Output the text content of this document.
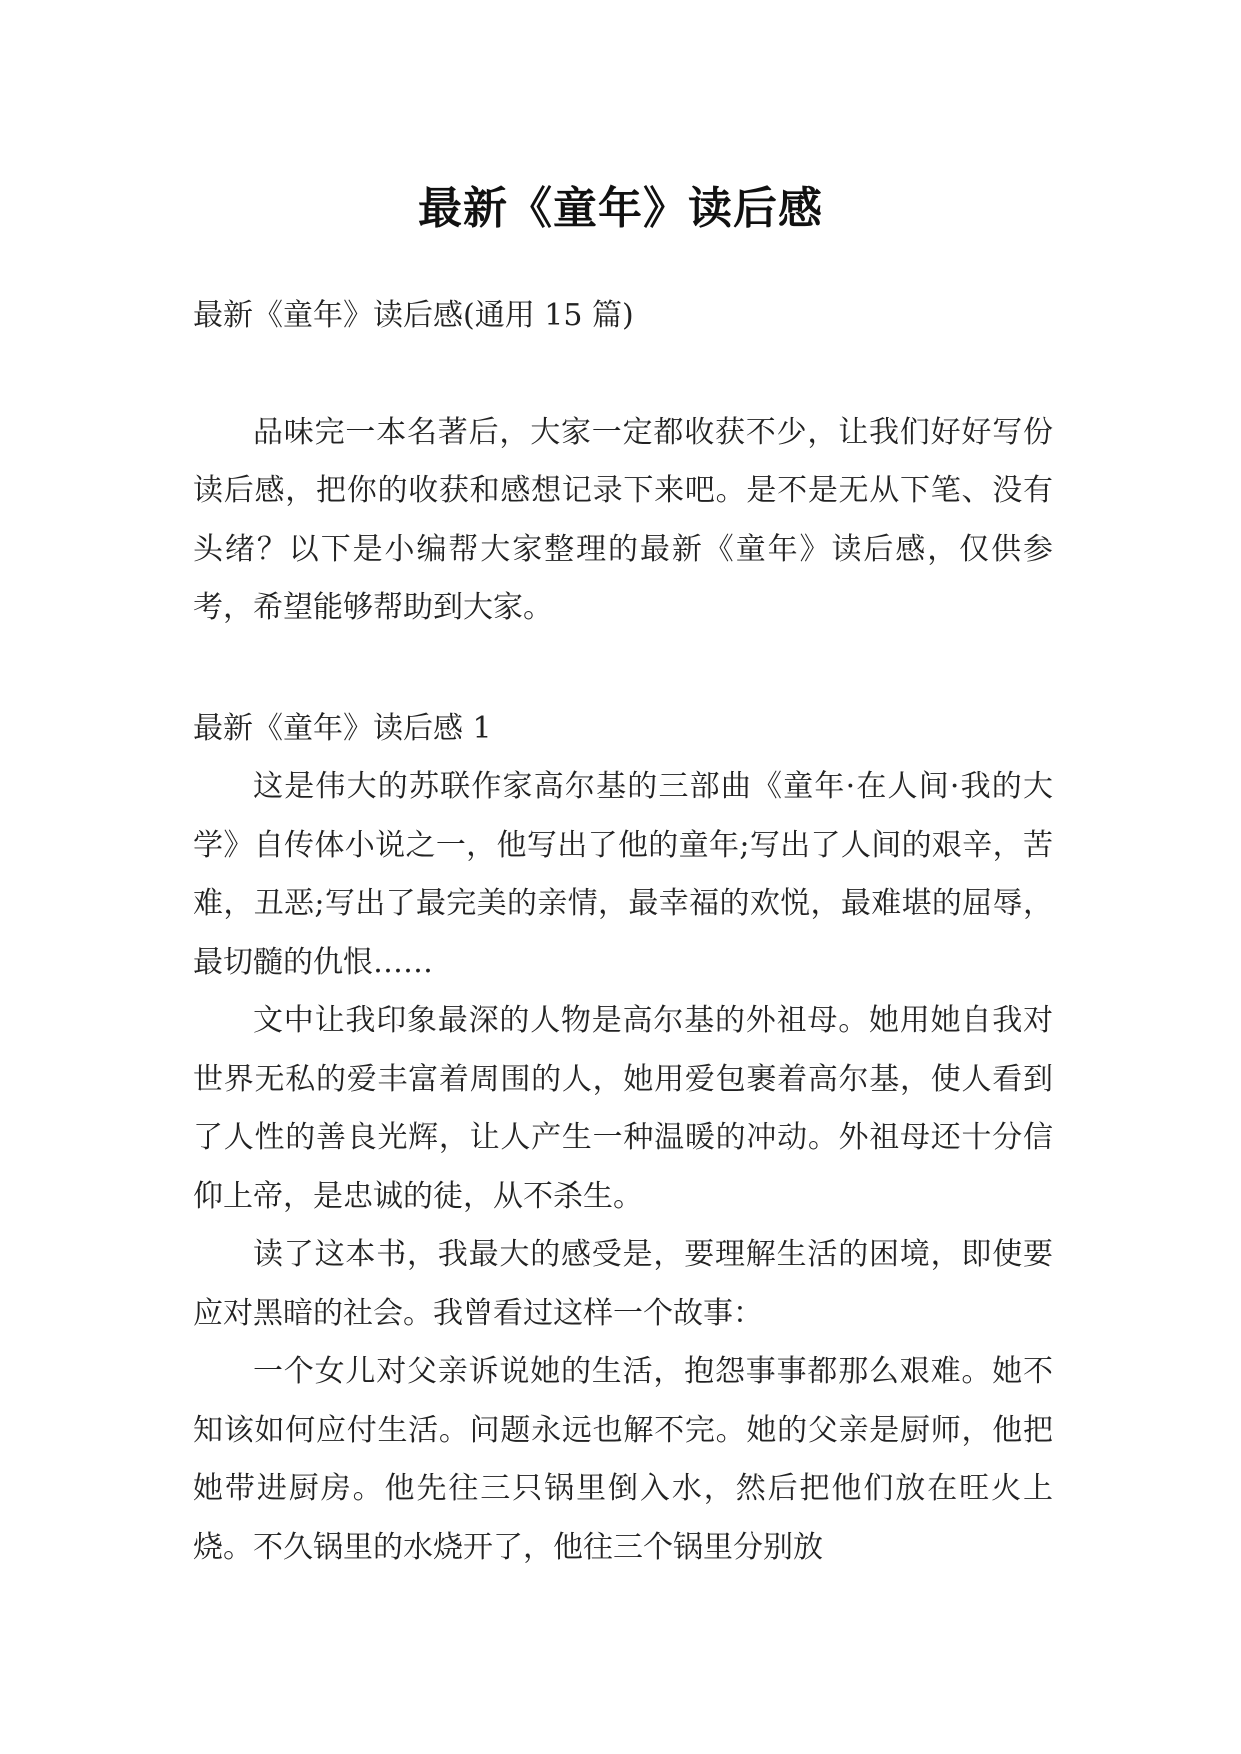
最新《童年》读后感

最新《童年》读后感(通用 15 篇)

品味完一本名著后，大家一定都收获不少，让我们好好写份读后感，把你的收获和感想记录下来吧。是不是无从下笔、没有头绪？以下是小编帮大家整理的最新《童年》读后感，仅供参考，希望能够帮助到大家。

最新《童年》读后感 1

这是伟大的苏联作家高尔基的三部曲《童年·在人间·我的大学》自传体小说之一，他写出了他的童年;写出了人间的艰辛，苦难，丑恶;写出了最完美的亲情，最幸福的欢悦，最难堪的屈辱，最切髓的仇恨……

文中让我印象最深的人物是高尔基的外祖母。她用她自我对世界无私的爱丰富着周围的人，她用爱包裹着高尔基，使人看到了人性的善良光辉，让人产生一种温暖的冲动。外祖母还十分信仰上帝，是忠诚的徒，从不杀生。

读了这本书，我最大的感受是，要理解生活的困境，即使要应对黑暗的社会。我曾看过这样一个故事：

一个女儿对父亲诉说她的生活，抱怨事事都那么艰难。她不知该如何应付生活。问题永远也解不完。她的父亲是厨师，他把她带进厨房。他先往三只锅里倒入水，然后把他们放在旺火上烧。不久锅里的水烧开了，他往三个锅里分别放
